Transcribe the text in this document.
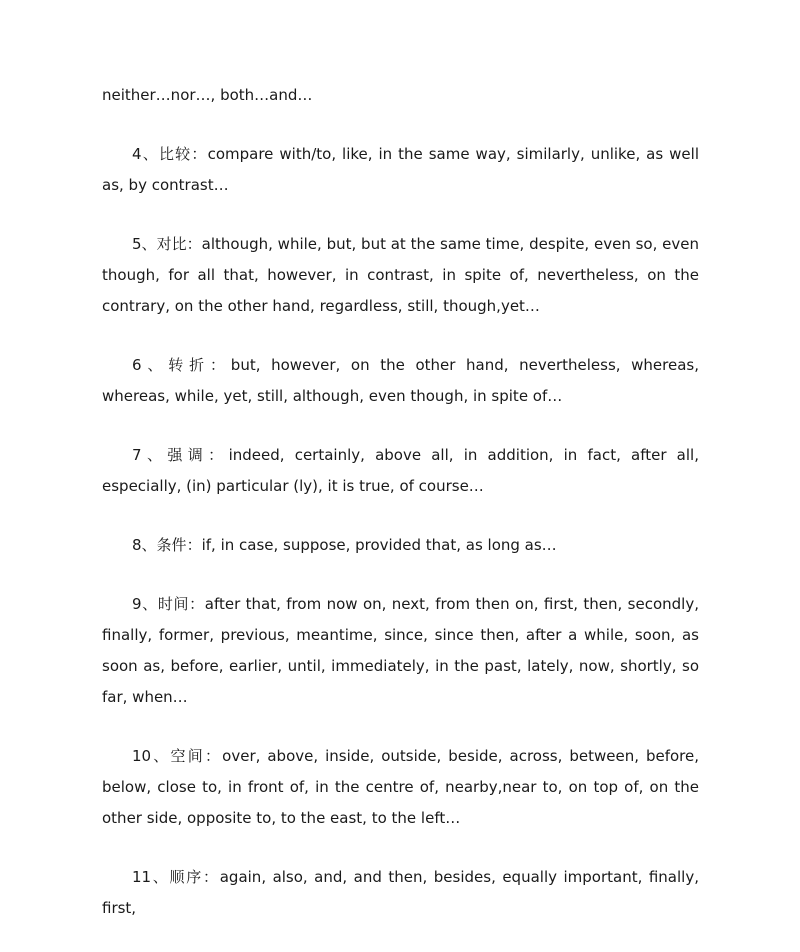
neither…nor…, both…and…

4、比较：compare with/to, like, in the same way, similarly, unlike, as well as, by contrast…

5、对比：although, while, but, but at the same time, despite, even so, even though, for all that, however, in contrast, in spite of, nevertheless, on the contrary, on the other hand, regardless, still, though,yet…

6、转折：but, however, on the other hand, nevertheless, whereas, whereas, while, yet, still, although, even though, in spite of…

7、强调：indeed, certainly, above all, in addition, in fact, after all, especially, (in) particular (ly), it is true, of course…

8、条件：if, in case, suppose, provided that, as long as…

9、时间：after that, from now on, next, from then on, first, then, secondly, finally, former, previous, meantime, since, since then, after a while, soon, as soon as, before, earlier, until, immediately, in the past, lately, now, shortly, so far, when…

10、空间：over, above, inside, outside, beside, across, between, before, below, close to, in front of, in the centre of, nearby,near to, on top of, on the other side, opposite to, to the east, to the left…

11、顺序：again, also, and, and then, besides, equally important, finally, first,
